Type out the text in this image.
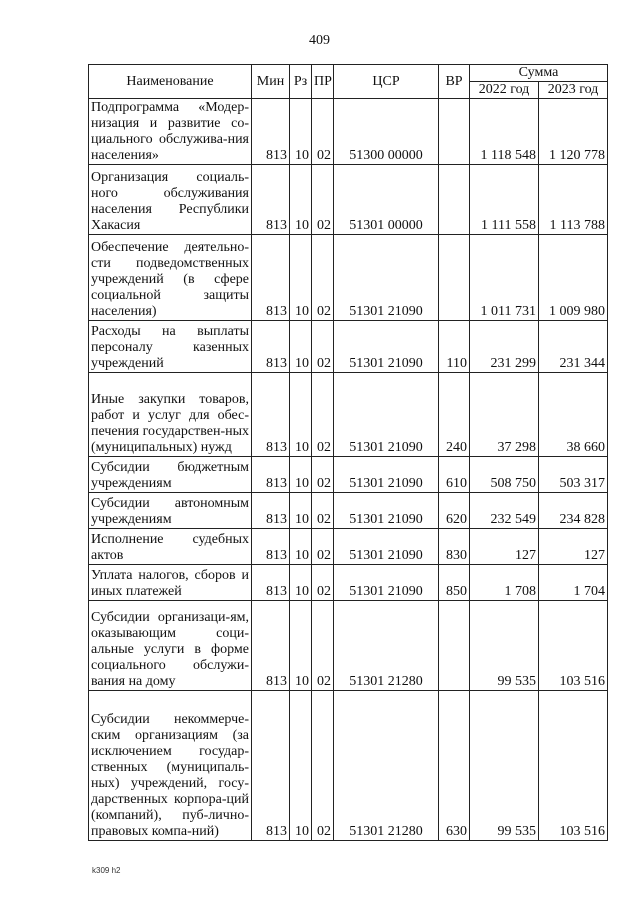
409
Наименование	Мин	Рз	ПР	ЦСР	ВР	Сумма	
						2022 год	2023 год
Подпрограмма «Модер-низация и развитие со-циального обслужива-ния населения»	813	10	02	51300 00000		1 118 548	1 120 778
Организация социаль-ного обслуживания населения Республики Хакасия	813	10	02	51301 00000		1 111 558	1 113 788
Обеспечение деятельно-сти подведомственных учреждений (в сфере социальной защиты населения)	813	10	02	51301 21090		1 011 731	1 009 980
Расходы на выплаты персоналу казенных учреждений	813	10	02	51301 21090	110	231 299	231 344
Иные закупки товаров, работ и услуг для обес-печения государствен-ных (муниципальных) нужд	813	10	02	51301 21090	240	37 298	38 660
Субсидии бюджетным учреждениям	813	10	02	51301 21090	610	508 750	503 317
Субсидии автономным учреждениям	813	10	02	51301 21090	620	232 549	234 828
Исполнение судебных актов	813	10	02	51301 21090	830	127	127
Уплата налогов, сборов и иных платежей	813	10	02	51301 21090	850	1 708	1 704
Субсидии организаци-ям, оказывающим соци-альные услуги в форме социального обслужи-вания на дому	813	10	02	51301 21280		99 535	103 516
Субсидии некоммерче-ским организациям (за исключением государ-ственных (муниципаль-ных) учреждений, госу-дарственных корпора-ций (компаний), пуб-лично-правовых компа-ний)	813	10	02	51301 21280	630	99 535	103 516
k309 h2
